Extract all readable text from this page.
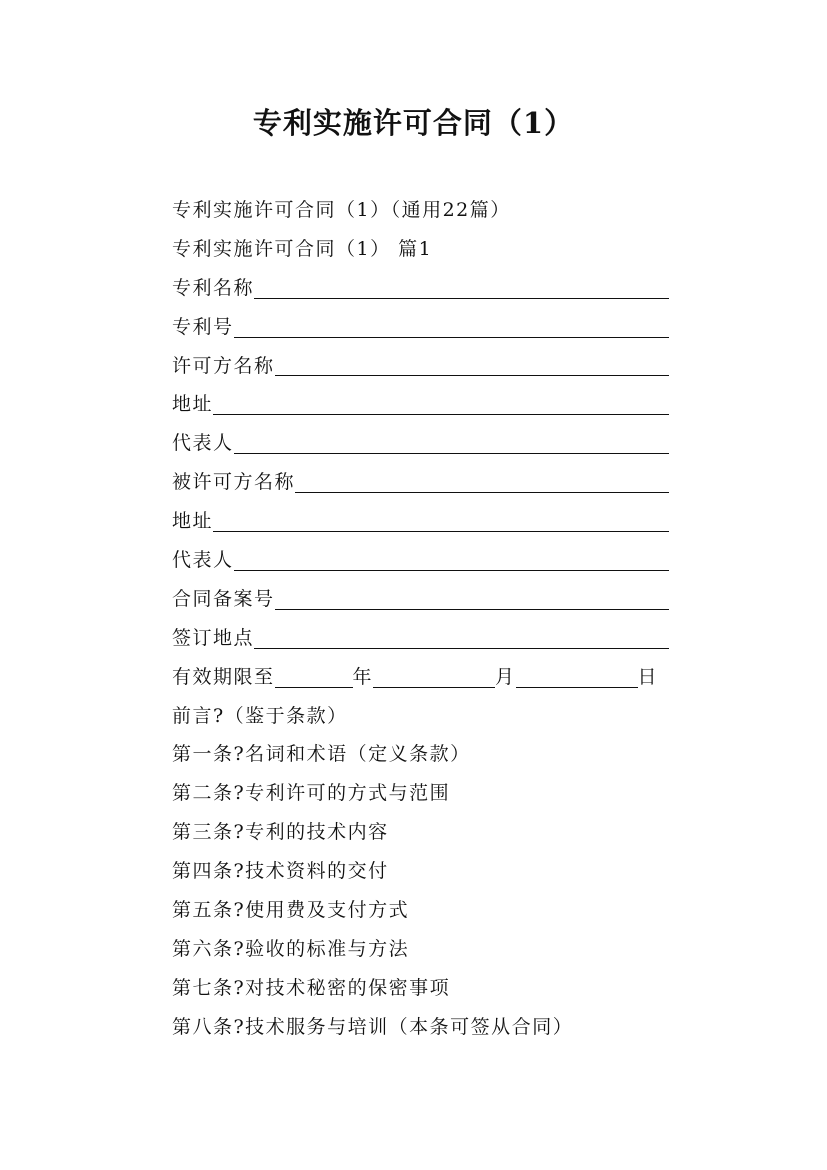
专利实施许可合同（1）
专利实施许可合同（1）（通用22篇）
专利实施许可合同（1） 篇1
专利名称
专利号
许可方名称
地址
代表人
被许可方名称
地址
代表人
合同备案号
签订地点
有效期限至	年	月	日
前言?（鉴于条款）
第一条?名词和术语（定义条款）
第二条?专利许可的方式与范围
第三条?专利的技术内容
第四条?技术资料的交付
第五条?使用费及支付方式
第六条?验收的标准与方法
第七条?对技术秘密的保密事项
第八条?技术服务与培训（本条可签从合同）
